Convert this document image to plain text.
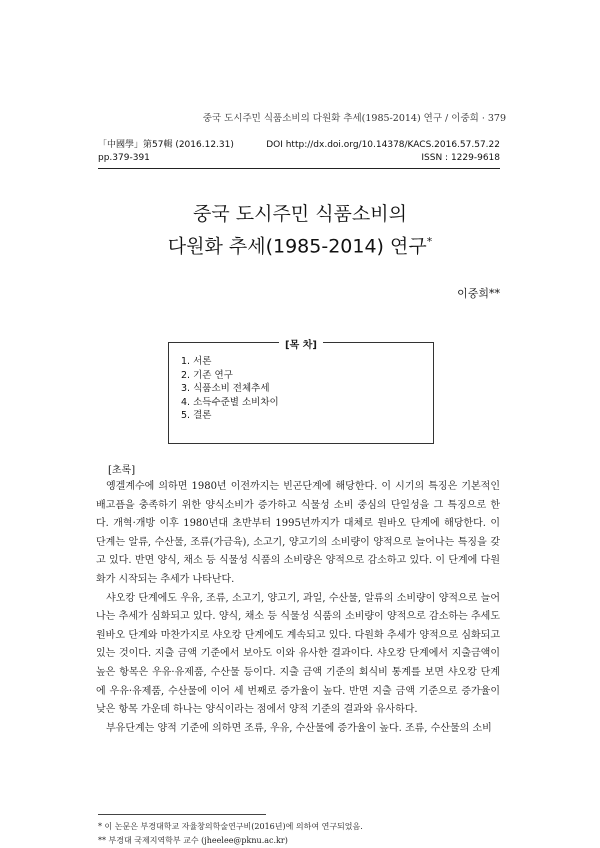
중국 도시주민 식품소비의 다원화 추세(1985-2014) 연구 / 이중희 · 379
「中國學」第57輯 (2016.12.31)	DOI http://dx.doi.org/10.14378/KACS.2016.57.57.22
pp.379-391	ISSN : 1229-9618
중국 도시주민 식품소비의
다원화 추세(1985-2014) 연구*
이중희**
[목 차]
1. 서론
2. 기존 연구
3. 식품소비 전체추세
4. 소득수준별 소비차이
5. 결론
[초록]

옝겔계수에 의하면 1980년 이전까지는 빈곤단계에 해당한다. 이 시기의 특징은 기본적인 배고픔을 충족하기 위한 양식소비가 증가하고 식물성 소비 중심의 단일성을 그 특징으로 한다. 개혁·개방 이후 1980년대 초반부터 1995년까지가 대체로 원바오 단계에 해당한다. 이 단계는 알류, 수산물, 조류(가금육), 소고기, 양고기의 소비량이 양적으로 늘어나는 특징을 갖고 있다. 반면 양식, 채소 등 식물성 식품의 소비량은 양적으로 감소하고 있다. 이 단계에 다원화가 시작되는 추세가 나타난다.

샤오캉 단계에도 우유, 조류, 소고기, 양고기, 과일, 수산물, 알류의 소비량이 양적으로 늘어나는 추세가 심화되고 있다. 양식, 채소 등 식물성 식품의 소비량이 양적으로 감소하는 추세도 원바오 단계와 마찬가지로 샤오캉 단계에도 계속되고 있다. 다원화 추세가 양적으로 심화되고 있는 것이다. 지출 금액 기준에서 보아도 이와 유사한 결과이다. 샤오캉 단계에서 지출금액이 높은 항목은 우유·유제품, 수산물 등이다. 지출 금액 기준의 회식비 통계를 보면 샤오캉 단계에 우유·유제품, 수산물에 이어 세 번째로 증가율이 높다. 반면 지출 금액 기준으로 증가율이 낮은 항목 가운데 하나는 양식이라는 점에서 양적 기준의 결과와 유사하다.

부유단계는 양적 기준에 의하면 조류, 우유, 수산물에 증가율이 높다. 조류, 수산물의 소비

* 이 논문은 부경대학교 자율창의학술연구비(2016년)에 의하여 연구되었음.
** 부경대 국제지역학부 교수 (jheelee@pknu.ac.kr)
